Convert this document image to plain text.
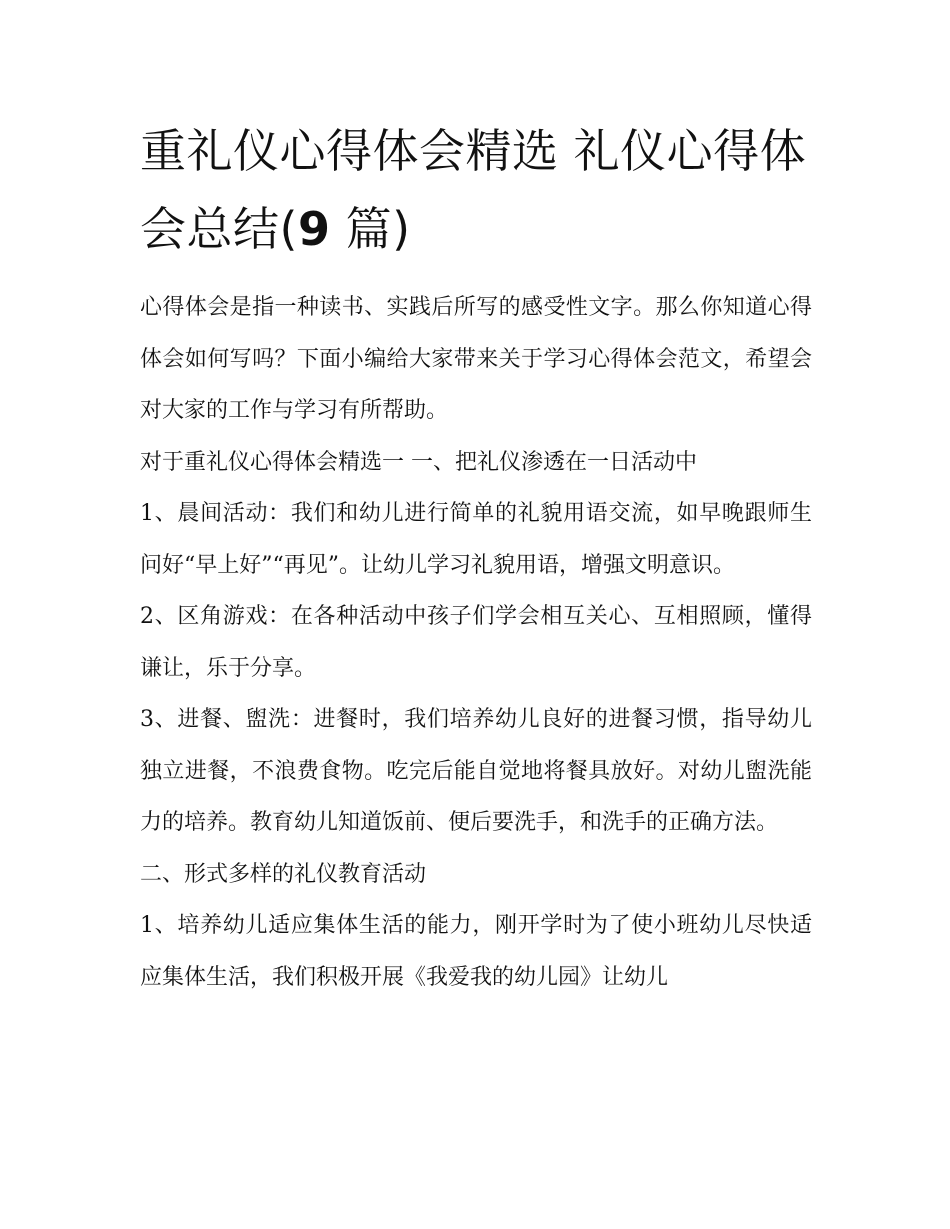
重礼仪心得体会精选 礼仪心得体会总结(9 篇)

心得体会是指一种读书、实践后所写的感受性文字。那么你知道心得体会如何写吗？下面小编给大家带来关于学习心得体会范文，希望会对大家的工作与学习有所帮助。

对于重礼仪心得体会精选一 一、把礼仪渗透在一日活动中

1、晨间活动：我们和幼儿进行简单的礼貌用语交流，如早晚跟师生问好“早上好”“再见”。让幼儿学习礼貌用语，增强文明意识。

2、区角游戏：在各种活动中孩子们学会相互关心、互相照顾，懂得谦让，乐于分享。

3、进餐、盥洗：进餐时，我们培养幼儿良好的进餐习惯，指导幼儿独立进餐，不浪费食物。吃完后能自觉地将餐具放好。对幼儿盥洗能力的培养。教育幼儿知道饭前、便后要洗手，和洗手的正确方法。

二、形式多样的礼仪教育活动

1、培养幼儿适应集体生活的能力，刚开学时为了使小班幼儿尽快适应集体生活，我们积极开展《我爱我的幼儿园》让幼儿
